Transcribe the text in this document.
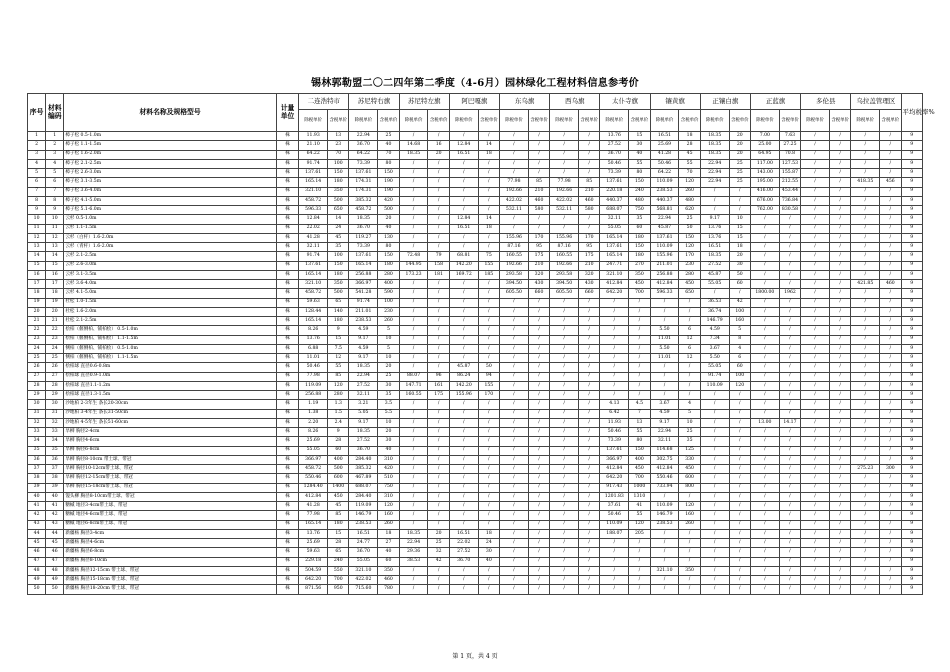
锡林郭勒盟二〇二四年第二季度（4-6月）园林绿化工程材料信息参考价
序号	材料编码	材料名称及规格型号	计量单位	二连浩特市		苏尼特右旗		苏尼特左旗		阿巴嘎旗		东乌旗		西乌旗		太仆寺旗		镶黄旗		正镶白旗		正蓝旗		多伦县		乌拉盖管理区		平均税率%
				除税单价	含税单价	除税单价	含税单价	除税单价	含税单价	除税单价	含税单价	除税单价	含税单价	除税单价	含税单价	除税单价	含税单价	除税单价	含税单价	除税单价	含税单价	除税单价	含税单价	除税单价	含税单价	除税单价	含税单价	
1	1	樟子松 0.5-1.0m	株	11.93	13	22.94	25	/	/	/	/	/	/	/	/	13.76	15	16.51	18	18.35	20	7.00	7.63	/	/	/	/	9
2	2	樟子松 1.1-1.5m	株	21.10	23	36.70	40	14.68	16	12.84	14	/	/	/	/	27.52	30	25.69	28	18.35	20	25.00	27.25	/	/	/	/	9
3	3	樟子松 1.6-2.0m	株	64.22	70	64.22	70	18.35	20	16.51	18	/	/	/	/	36.70	40	41.28	45	18.35	20	64.95	70.8	/	/	/	/	9
4	4	樟子松 2.1-2.5m	株	91.74	100	73.39	80	/	/	/	/	/	/	/	/	50.46	55	50.46	55	22.94	25	117.00	127.53	/	/	/	/	9
5	5	樟子松 2.6-3.0m	株	137.61	150	137.61	150	/	/	/	/	/	/	/	/	73.39	80	64.22	70	22.94	25	143.00	155.87	/	/	/	/	9
6	6	樟子松 3.1-3.5m	株	165.14	180	174.31	190	/	/	/	/	77.98	85	77.98	85	137.61	150	110.09	120	22.94	25	195.00	212.55	/	/	418.35	456	9
7	7	樟子松 3.6-4.0m	株	321.10	350	174.31	190	/	/	/	/	192.66	210	192.66	210	220.18	240	238.53	260	/	/	416.00	453.44	/	/	/	/	9
8	8	樟子松 4.1-5.0m	株	458.72	500	385.32	420	/	/	/	/	422.02	460	422.02	460	440.37	480	440.37	480	/	/	676.00	736.84	/	/	/	/	9
9	9	樟子松 5.1-6.0m	株	596.33	650	458.72	500	/	/	/	/	532.11	580	532.11	580	688.07	750	568.81	620	/	/	762.00	830.58	/	/	/	/	9
10	10	云杉 0.5-1.0m	株	12.84	14	18.35	20	/	/	12.84	14	/	/	/	/	32.11	35	22.94	25	9.17	10	/	/	/	/	/	/	9
11	11	云杉 1.1-1.5m	株	22.02	24	36.70	40	/	/	16.51	18	/	/	/	/	55.05	60	45.87	50	13.76	15	/	/	/	/	/	/	9
12	12	云杉（白杆）1.6-2.0m	株	41.28	45	119.27	130	/	/	/	/	155.96	170	155.96	170	165.14	180	137.61	150	13.76	15	/	/	/	/	/	/	9
13	13	云杉（青杆）1.6-2.0m	株	32.11	35	73.39	80	/	/	/	/	87.16	95	87.16	95	137.61	150	110.09	120	16.51	18	/	/	/	/	/	/	9
14	14	云杉 2.1-2.5m	株	91.74	100	137.61	150	72.48	79	68.81	75	160.55	175	160.55	175	165.14	180	155.96	170	18.35	20	/	/	/	/	/	/	9
15	15	云杉 2.6-3.0m	株	137.61	150	165.14	180	144.95	158	142.20	155	192.66	210	192.66	210	247.71	270	211.01	230	27.52	30	/	/	/	/	/	/	9
16	16	云杉 3.1-3.5m	株	165.14	180	256.88	280	173.23	181	169.72	185	293.58	320	293.58	320	321.10	350	256.88	280	45.87	50	/	/	/	/	/	/	9
17	17	云杉 3.6-4.0m	株	321.10	350	366.97	400	/	/	/	/	394.50	430	394.50	430	412.84	450	412.84	450	55.05	60	/	/	/	/	421.85	460	9
18	18	云杉 4.1-5.0m	株	458.72	500	541.28	590	/	/	/	/	605.50	660	605.50	660	642.20	700	596.33	650	/	/	1800.00	1962	/	/	/	/	9
19	19	杜松 1.0-1.5m	株	59.63	65	91.74	100	/	/	/	/	/	/	/	/	/	/	/	/	36.53	42	/	/	/	/	/	/	9
20	20	杜松 1.6-2.0m	株	128.44	140	211.01	230	/	/	/	/	/	/	/	/	/	/	/	/	36.74	100	/	/	/	/	/	/	9
21	21	杜松 2.1-2.5m	株	165.14	180	238.53	260	/	/	/	/	/	/	/	/	/	/	/	/	146.79	160	/	/	/	/	/	/	9
22	22	桧柏（偃侧柏、铺柏桧） 0.5-1.0m	株	8.26	9	4.59	5	/	/	/	/	/	/	/	/	/	/	5.50	6	4.59	5	/	/	/	/	/	/	9
23	23	桧柏（偃侧柏、铺柏桧） 1.1-1.5m	株	13.76	15	9.17	10	/	/	/	/	/	/	/	/	/	/	11.01	12	7.34	8	/	/	/	/	/	/	9
24	24	侧柏（偃侧柏、铺柏桧） 0.5-1.0m	株	6.88	7.5	4.59	5	/	/	/	/	/	/	/	/	/	/	5.50	6	3.67	4	/	/	/	/	/	/	9
25	25	侧柏（偃侧柏、铺柏桧） 1.1-1.5m	株	11.01	12	9.17	10	/	/	/	/	/	/	/	/	/	/	11.01	12	5.50	6	/	/	/	/	/	/	9
26	26	桧柏球 直径0.6-0.8m	株	50.46	55	18.35	20	/	/	45.87	50	/	/	/	/	/	/	/	/	55.05	60	/	/	/	/	/	/	9
27	27	桧柏球 直径0.9-1.0m	株	77.98	85	22.94	25	88.07	96	86.24	94	/	/	/	/	/	/	/	/	91.74	100	/	/	/	/	/	/	9
28	28	桧柏球 直径1.1-1.2m	株	119.09	120	27.52	30	147.71	161	142.20	155	/	/	/	/	/	/	/	/	110.09	120	/	/	/	/	/	/	9
29	29	桧柏球 直径1.3-1.5m	株	256.88	280	32.11	35	160.55	175	155.96	170	/	/	/	/	/	/	/	/	/	/	/	/	/	/	/	/	9
30	30	沙地柏 2-3年生 条长20-30cm	株	1.19	1.3	3.21	3.5	/	/	/	/	/	/	/	/	4.13	4.5	3.67	4	/	/	/	/	/	/	/	/	9
31	31	沙地柏 3-4年生 条长31-50cm	株	1.38	1.5	5.05	5.5	/	/	/	/	/	/	/	/	6.42	7	4.59	5	/	/	/	/	/	/	/	/	9
32	32	沙地柏 4-5年生 条长51-60cm	株	2.20	2.4	9.17	10	/	/	/	/	/	/	/	/	11.93	13	9.17	10	/	/	13.00	14.17	/	/	/	/	9
33	33	旱柳 胸径2-4cm	株	8.26	9	18.35	20	/	/	/	/	/	/	/	/	50.46	55	22.94	25	/	/	/	/	/	/	/	/	9
34	34	旱柳 胸径4-6cm	株	25.69	28	27.52	30	/	/	/	/	/	/	/	/	73.39	80	32.11	35	/	/	/	/	/	/	/	/	9
35	35	旱柳 胸径6-8cm	株	55.05	60	36.70	40	/	/	/	/	/	/	/	/	137.61	150	114.68	125	/	/	/	/	/	/	/	/	9
36	36	旱柳 胸径8-10cm 带土球、带冠	株	366.97	400	284.40	310	/	/	/	/	/	/	/	/	366.97	400	302.75	330	/	/	/	/	/	/	/	/	9
37	37	旱柳 胸径10-12cm带土球、带冠	株	458.72	500	385.32	420	/	/	/	/	/	/	/	/	412.84	450	412.84	450	/	/	/	/	/	/	275.23	300	9
38	38	旱柳 胸径12-15cm带土球、带冠	株	550.46	600	467.89	510	/	/	/	/	/	/	/	/	642.20	700	550.46	600	/	/	/	/	/	/	/	/	9
39	39	旱柳 胸径15-18cm带土球、带冠	株	1284.40	1400	688.07	750	/	/	/	/	/	/	/	/	917.43	1000	733.94	800	/	/	/	/	/	/	/	/	9
40	40	馒头柳 胸径8-10cm带土球、带冠	株	412.84	450	284.40	310	/	/	/	/	/	/	/	/	1201.83	1310	/	/	/	/	/	/	/	/	/	/	9
41	41	糖槭 地径3-4cm带土球、带冠	株	41.28	45	119.09	120	/	/	/	/	/	/	/	/	37.61	41	110.09	120	/	/	/	/	/	/	/	/	9
42	42	糖槭 地径4-6cm带土球、带冠	株	77.98	85	146.79	160	/	/	/	/	/	/	/	/	50.46	55	146.79	160	/	/	/	/	/	/	/	/	9
43	43	糖槭 地径6-8cm带土球、带冠	株	165.14	180	238.53	260	/	/	/	/	/	/	/	/	110.09	120	238.53	260	/	/	/	/	/	/	/	/	9
44	44	新疆杨 胸径3-4cm	株	13.76	15	16.51	18	18.35	20	16.51	18	/	/	/	/	188.07	205	/	/	/	/	/	/	/	/	/	/	9
45	45	新疆杨 胸径4-6cm	株	25.69	28	24.77	27	22.94	25	22.02	24	/	/	/	/	/	/	/	/	/	/	/	/	/	/	/	/	9
46	46	新疆杨 胸径6-8cm	株	59.63	65	36.70	40	29.36	32	27.52	30	/	/	/	/	/	/	/	/	/	/	/	/	/	/	/	/	9
47	47	新疆杨 胸径8-10cm	株	229.18	240	55.05	60	38.53	42	36.70	40	/	/	/	/	/	/	/	/	/	/	/	/	/	/	/	/	9
48	48	新疆杨 胸径12-15cm 带土球、带冠	株	504.59	550	321.10	350	/	/	/	/	/	/	/	/	/	/	321.10	350	/	/	/	/	/	/	/	/	9
49	49	新疆杨 胸径15-18cm 带土球、带冠	株	642.20	700	422.02	460	/	/	/	/	/	/	/	/	/	/	/	/	/	/	/	/	/	/	/	/	9
50	50	新疆杨 胸径18-20cm 带土球、带冠	株	871.56	950	715.60	780	/	/	/	/	/	/	/	/	/	/	/	/	/	/	/	/	/	/	/	/	9
第 1 页，共 4 页
